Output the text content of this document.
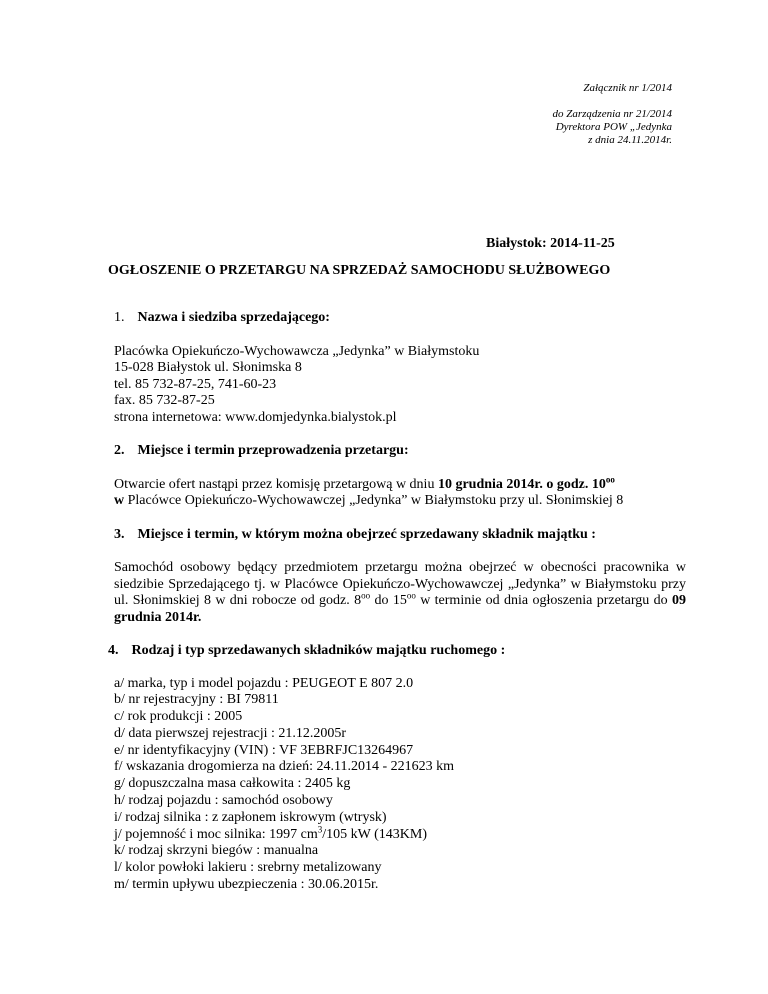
Załącznik nr 1/2014
do Zarządzenia nr 21/2014
Dyrektora POW „Jedynka
z dnia 24.11.2014r.
Białystok: 2014-11-25
OGŁOSZENIE O PRZETARGU NA SPRZEDAŻ SAMOCHODU SŁUŻBOWEGO

1. Nazwa i siedziba sprzedającego:

Placówka Opiekuńczo-Wychowawcza „Jedynka” w Białymstoku
15-028 Białystok ul. Słonimska 8
tel. 85 732-87-25, 741-60-23
fax. 85 732-87-25
strona internetowa: www.domjedynka.bialystok.pl

2. Miejsce i termin przeprowadzenia przetargu:

Otwarcie ofert nastąpi przez komisję przetargową w dniu 10 grudnia 2014r. o godz. $10^{oo}$
w Placówce Opiekuńczo-Wychowawczej „Jedynka” w Białymstoku przy ul. Słonimskiej 8

3. Miejsce i termin, w którym można obejrzeć sprzedawany składnik majątku :

Samochód osobowy będący przedmiotem przetargu można obejrzeć w obecności pracownika w siedzibie Sprzedającego tj. w Placówce Opiekuńczo-Wychowawczej „Jedynka” w Białymstoku przy ul. Słonimskiej 8 w dni robocze od godz. $8^{oo}$ do $15^{oo}$ w terminie od dnia ogłoszenia przetargu do 09 grudnia 2014r.

4. Rodzaj i typ sprzedawanych składników majątku ruchomego :

a/ marka, typ i model pojazdu : PEUGEOT E 807 2.0
b/ nr rejestracyjny : BI 79811
c/ rok produkcji : 2005
d/ data pierwszej rejestracji : 21.12.2005r
e/ nr identyfikacyjny (VIN) : VF 3EBRFJC13264967
f/ wskazania drogomierza na dzień: 24.11.2014 - 221623 km
g/ dopuszczalna masa całkowita : 2405 kg
h/ rodzaj pojazdu : samochód osobowy
i/ rodzaj silnika : z zapłonem iskrowym (wtrysk)
j/ pojemność i moc silnika: 1997 $cm^3/105$ kW (143KM)
k/ rodzaj skrzyni biegów : manualna
l/ kolor powłoki lakieru : srebrny metalizowany
m/ termin upływu ubezpieczenia : 30.06.2015r.
